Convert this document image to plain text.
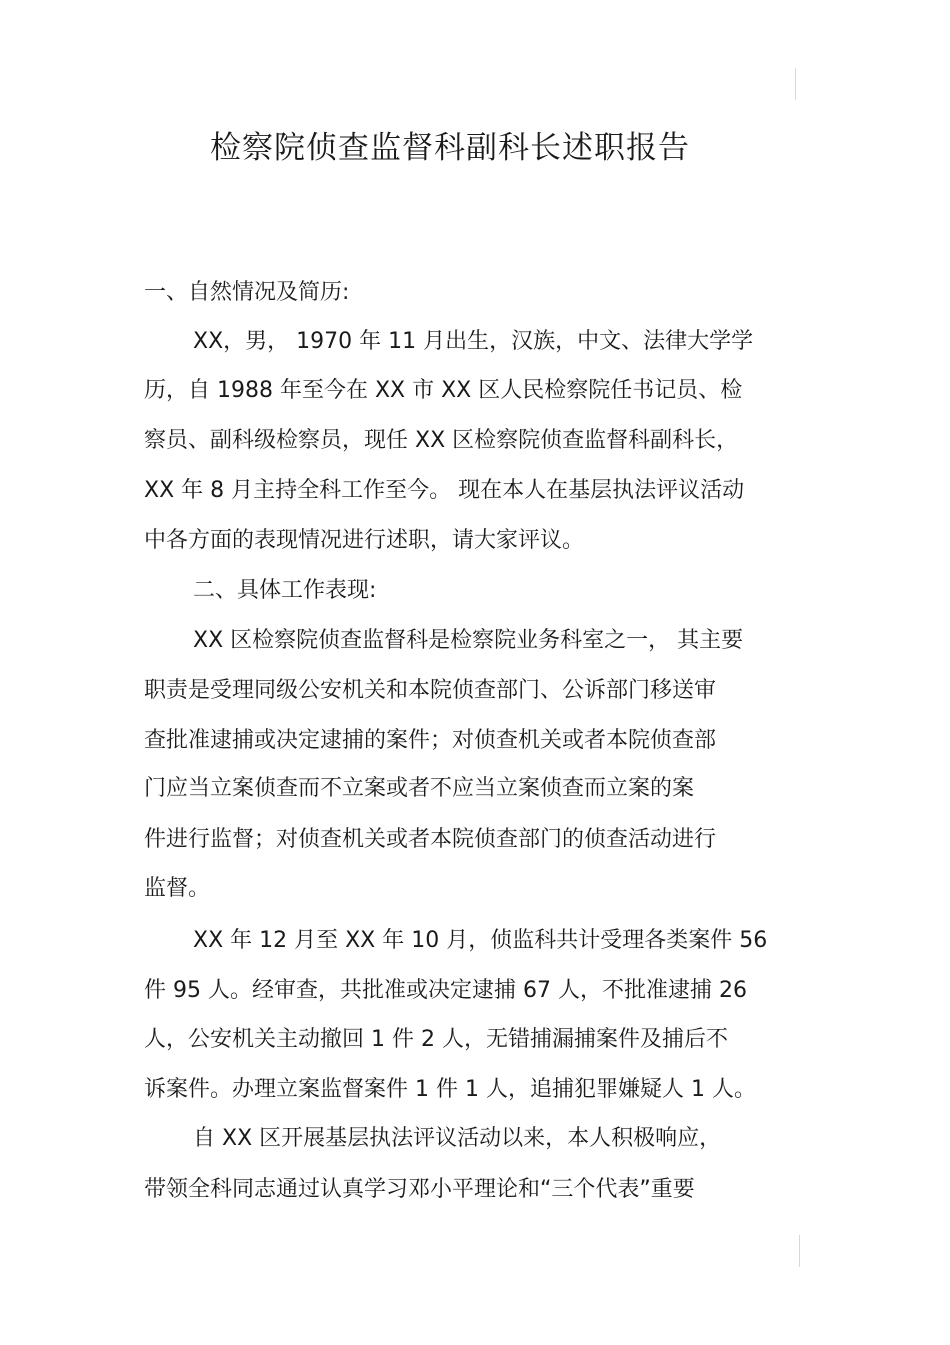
检察院侦查监督科副科长述职报告
一、自然情况及简历:
XX，男， 1970 年 11 月出生，汉族，中文、法律大学学
历，自 1988 年至今在 XX 市 XX 区人民检察院任书记员、检
察员、副科级检察员，现任 XX 区检察院侦查监督科副科长，
XX 年 8 月主持全科工作至今。 现在本人在基层执法评议活动
中各方面的表现情况进行述职，请大家评议。
二、具体工作表现:
XX 区检察院侦查监督科是检察院业务科室之一， 其主要
职责是受理同级公安机关和本院侦查部门、公诉部门移送审
查批准逮捕或决定逮捕的案件；对侦查机关或者本院侦查部
门应当立案侦查而不立案或者不应当立案侦查而立案的案
件进行监督；对侦查机关或者本院侦查部门的侦查活动进行
监督。
XX 年 12 月至 XX 年 10 月，侦监科共计受理各类案件 56
件 95 人。经审查，共批准或决定逮捕 67 人，不批准逮捕 26
人，公安机关主动撤回 1 件 2 人，无错捕漏捕案件及捕后不
诉案件。办理立案监督案件 1 件 1 人，追捕犯罪嫌疑人 1 人。
自 XX 区开展基层执法评议活动以来，本人积极响应，
带领全科同志通过认真学习邓小平理论和“三个代表”重要
